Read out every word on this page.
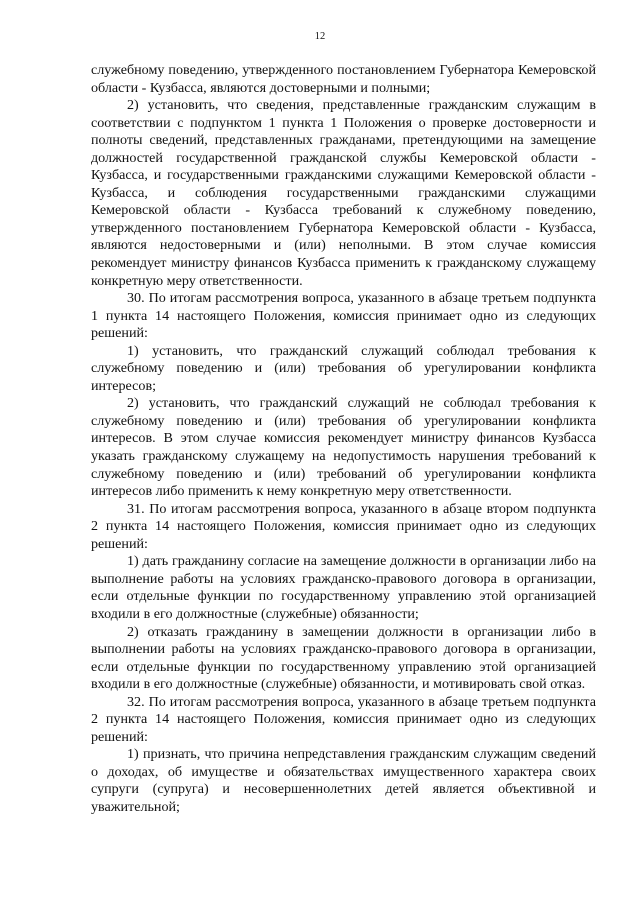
12

служебному поведению, утвержденного постановлением Губернатора Кемеровской области - Кузбасса, являются достоверными и полными;

2) установить, что сведения, представленные гражданским служащим в соответствии с подпунктом 1 пункта 1 Положения о проверке достоверности и полноты сведений, представленных гражданами, претендующими на замещение должностей государственной гражданской службы Кемеровской области - Кузбасса, и государственными гражданскими служащими Кемеровской области - Кузбасса, и соблюдения государственными гражданскими служащими Кемеровской области - Кузбасса требований к служебному поведению, утвержденного постановлением Губернатора Кемеровской области - Кузбасса, являются недостоверными и (или) неполными. В этом случае комиссия рекомендует министру финансов Кузбасса применить к гражданскому служащему конкретную меру ответственности.

30. По итогам рассмотрения вопроса, указанного в абзаце третьем подпункта 1 пункта 14 настоящего Положения, комиссия принимает одно из следующих решений:

1) установить, что гражданский служащий соблюдал требования к служебному поведению и (или) требования об урегулировании конфликта интересов;

2) установить, что гражданский служащий не соблюдал требования к служебному поведению и (или) требования об урегулировании конфликта интересов. В этом случае комиссия рекомендует министру финансов Кузбасса указать гражданскому служащему на недопустимость нарушения требований к служебному поведению и (или) требований об урегулировании конфликта интересов либо применить к нему конкретную меру ответственности.

31. По итогам рассмотрения вопроса, указанного в абзаце втором подпункта 2 пункта 14 настоящего Положения, комиссия принимает одно из следующих решений:

1) дать гражданину согласие на замещение должности в организации либо на выполнение работы на условиях гражданско-правового договора в организации, если отдельные функции по государственному управлению этой организацией входили в его должностные (служебные) обязанности;

2) отказать гражданину в замещении должности в организации либо в выполнении работы на условиях гражданско-правового договора в организации, если отдельные функции по государственному управлению этой организацией входили в его должностные (служебные) обязанности, и мотивировать свой отказ.

32. По итогам рассмотрения вопроса, указанного в абзаце третьем подпункта 2 пункта 14 настоящего Положения, комиссия принимает одно из следующих решений:

1) признать, что причина непредставления гражданским служащим сведений о доходах, об имуществе и обязательствах имущественного характера своих супруги (супруга) и несовершеннолетних детей является объективной и уважительной;
